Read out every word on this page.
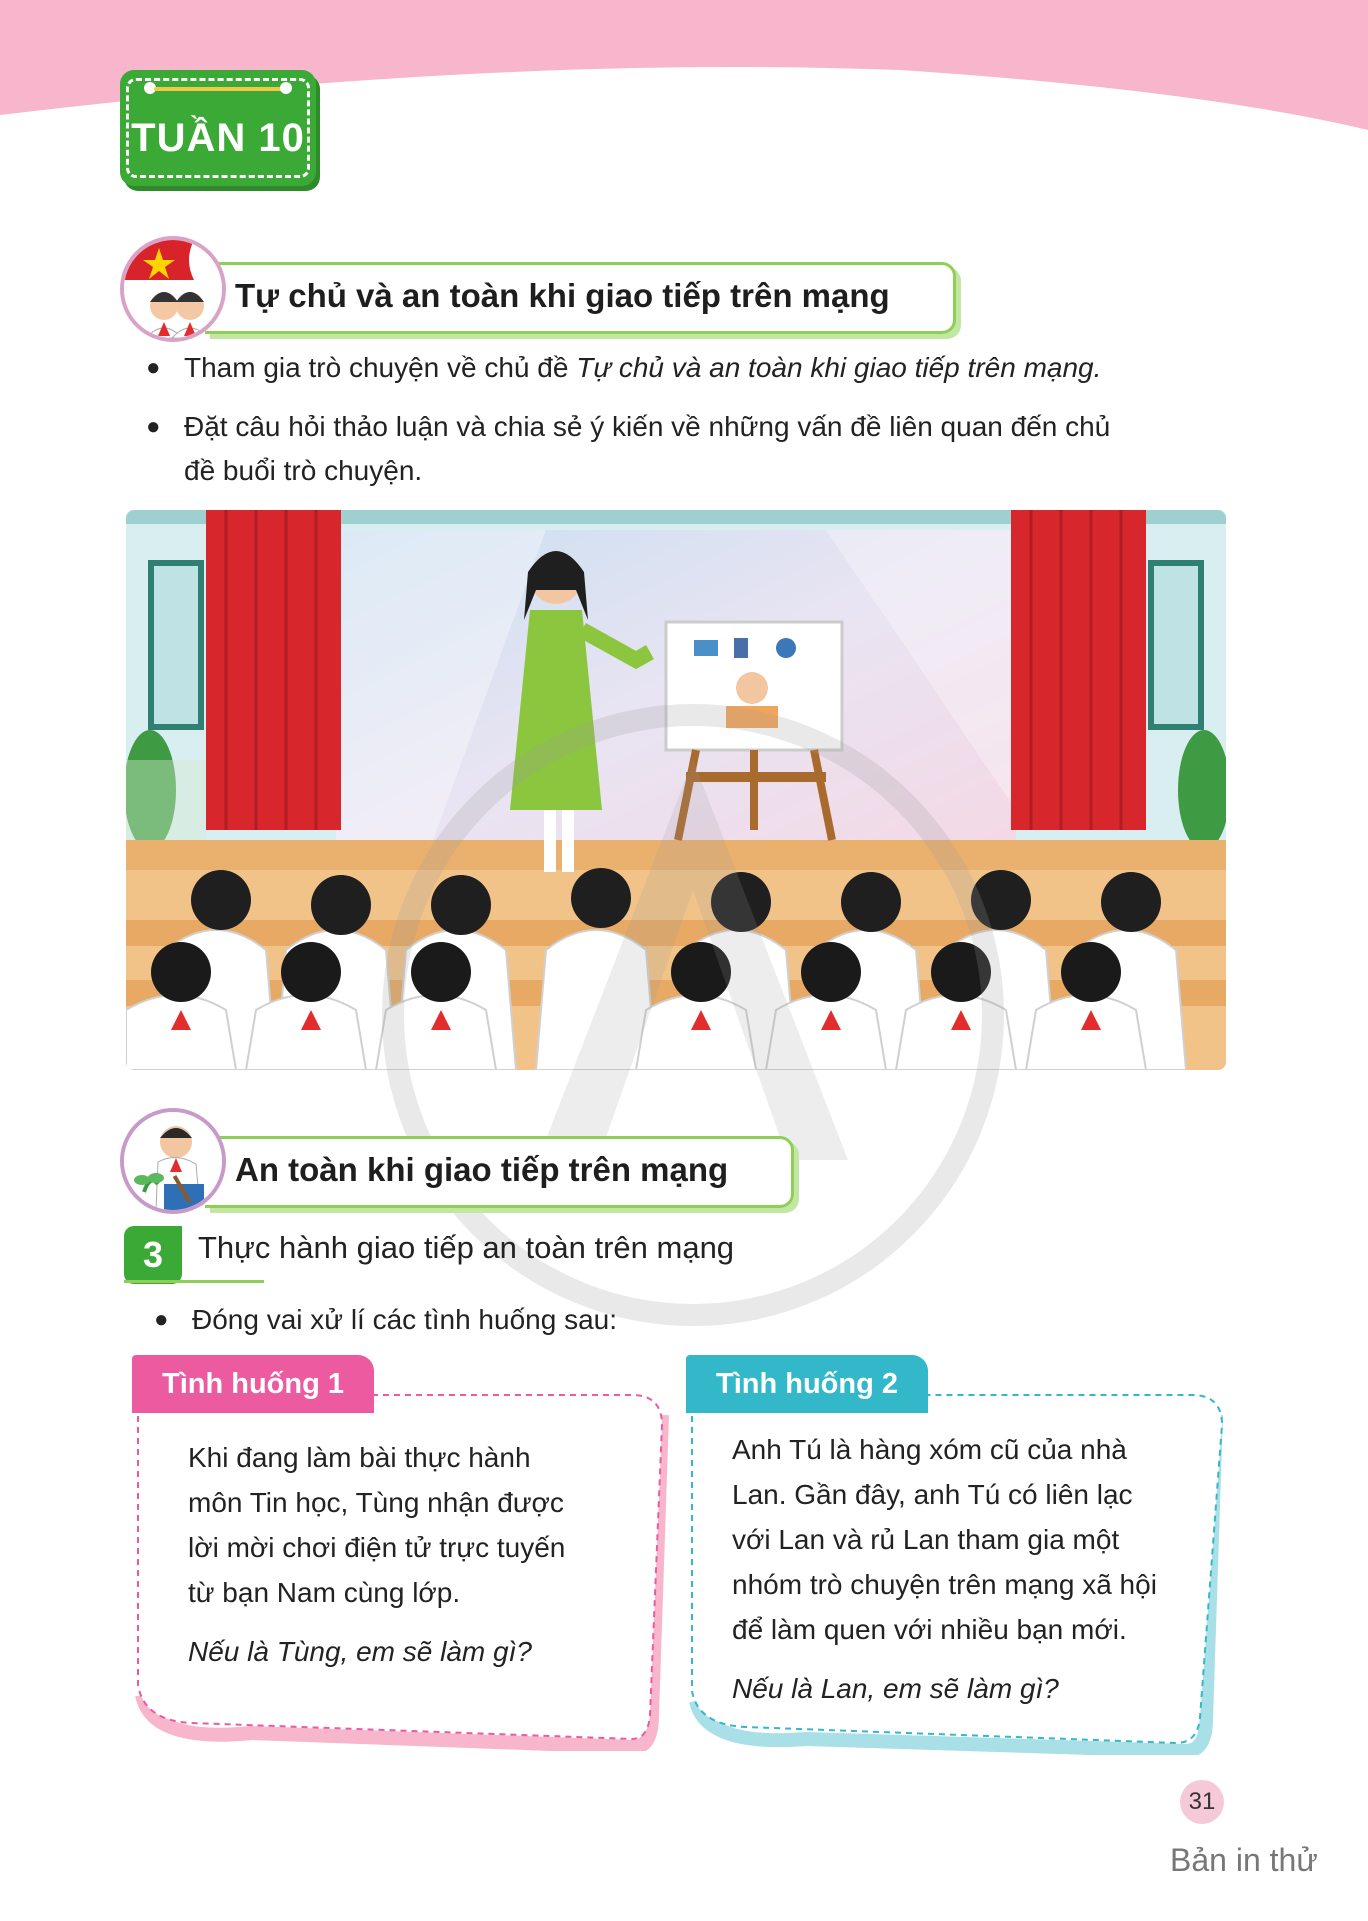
TUẦN 10
Tự chủ và an toàn khi giao tiếp trên mạng
● Tham gia trò chuyện về chủ đề Tự chủ và an toàn khi giao tiếp trên mạng.
● Đặt câu hỏi thảo luận và chia sẻ ý kiến về những vấn đề liên quan đến chủ
đề buổi trò chuyện.
An toàn khi giao tiếp trên mạng
3	Thực hành giao tiếp an toàn trên mạng
● Đóng vai xử lí các tình huống sau:
Tình huống 1
Khi đang làm bài thực hành
môn Tin học, Tùng nhận được
lời mời chơi điện tử trực tuyến
từ bạn Nam cùng lớp.
Nếu là Tùng, em sẽ làm gì?
Tình huống 2
Anh Tú là hàng xóm cũ của nhà
Lan. Gần đây, anh Tú có liên lạc
với Lan và rủ Lan tham gia một
nhóm trò chuyện trên mạng xã hội
để làm quen với nhiều bạn mới.
Nếu là Lan, em sẽ làm gì?
31
Bản in thử
